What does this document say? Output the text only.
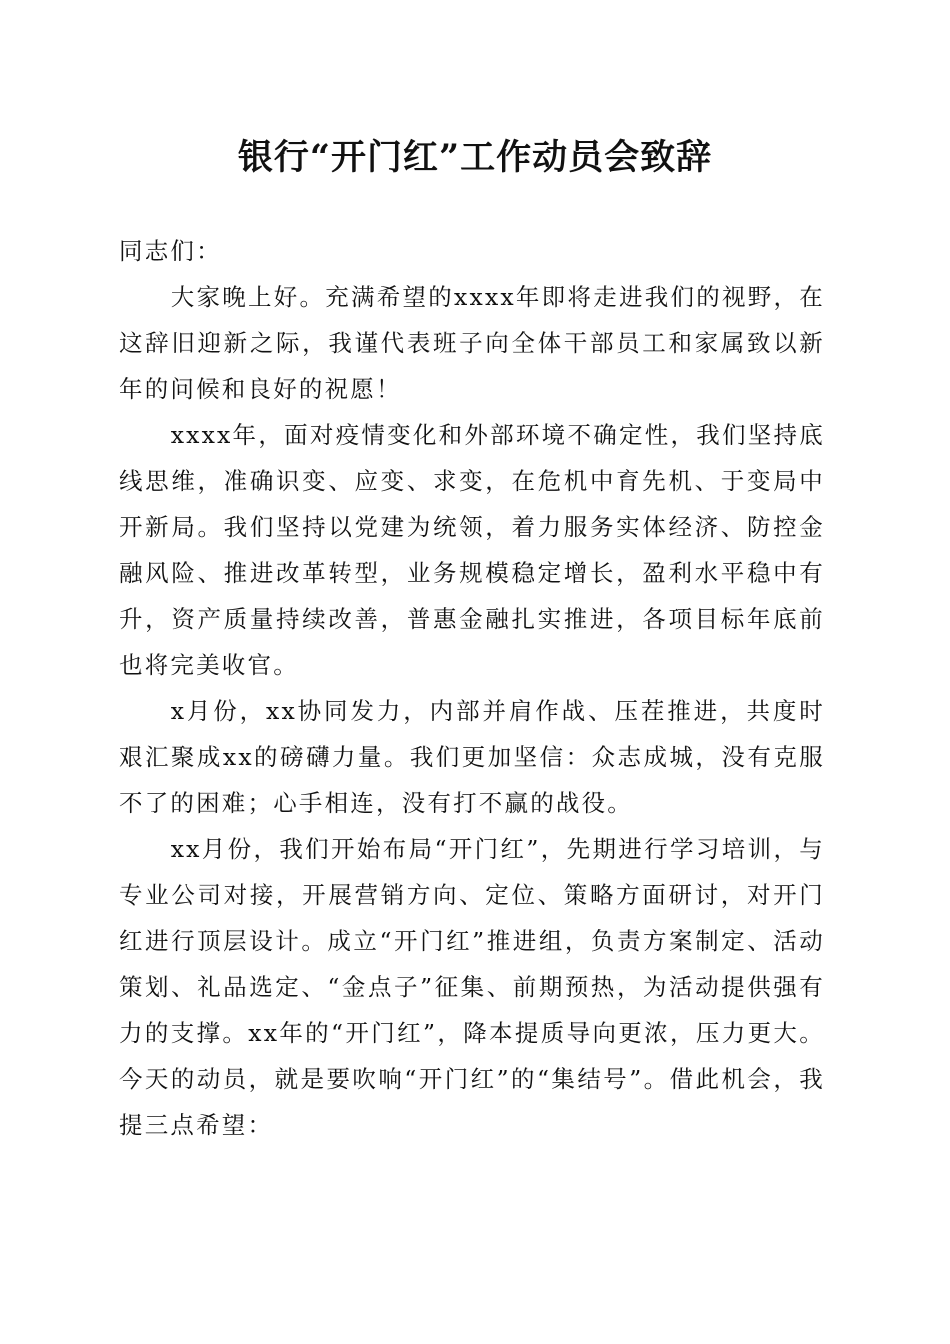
银行“开门红”工作动员会致辞

同志们：

大家晚上好。充满希望的xxxx年即将走进我们的视野，在这辞旧迎新之际，我谨代表班子向全体干部员工和家属致以新年的问候和良好的祝愿！

xxxx年，面对疫情变化和外部环境不确定性，我们坚持底线思维，准确识变、应变、求变，在危机中育先机、于变局中开新局。我们坚持以党建为统领，着力服务实体经济、防控金融风险、推进改革转型，业务规模稳定增长，盈利水平稳中有升，资产质量持续改善，普惠金融扎实推进，各项目标年底前也将完美收官。

x月份，xx协同发力，内部并肩作战、压茬推进，共度时艰汇聚成xx的磅礴力量。我们更加坚信：众志成城，没有克服不了的困难；心手相连，没有打不赢的战役。

xx月份，我们开始布局“开门红”，先期进行学习培训，与专业公司对接，开展营销方向、定位、策略方面研讨，对开门红进行顶层设计。成立“开门红”推进组，负责方案制定、活动策划、礼品选定、“金点子”征集、前期预热，为活动提供强有力的支撑。xx年的“开门红”，降本提质导向更浓，压力更大。今天的动员，就是要吹响“开门红”的“集结号”。借此机会，我提三点希望：
